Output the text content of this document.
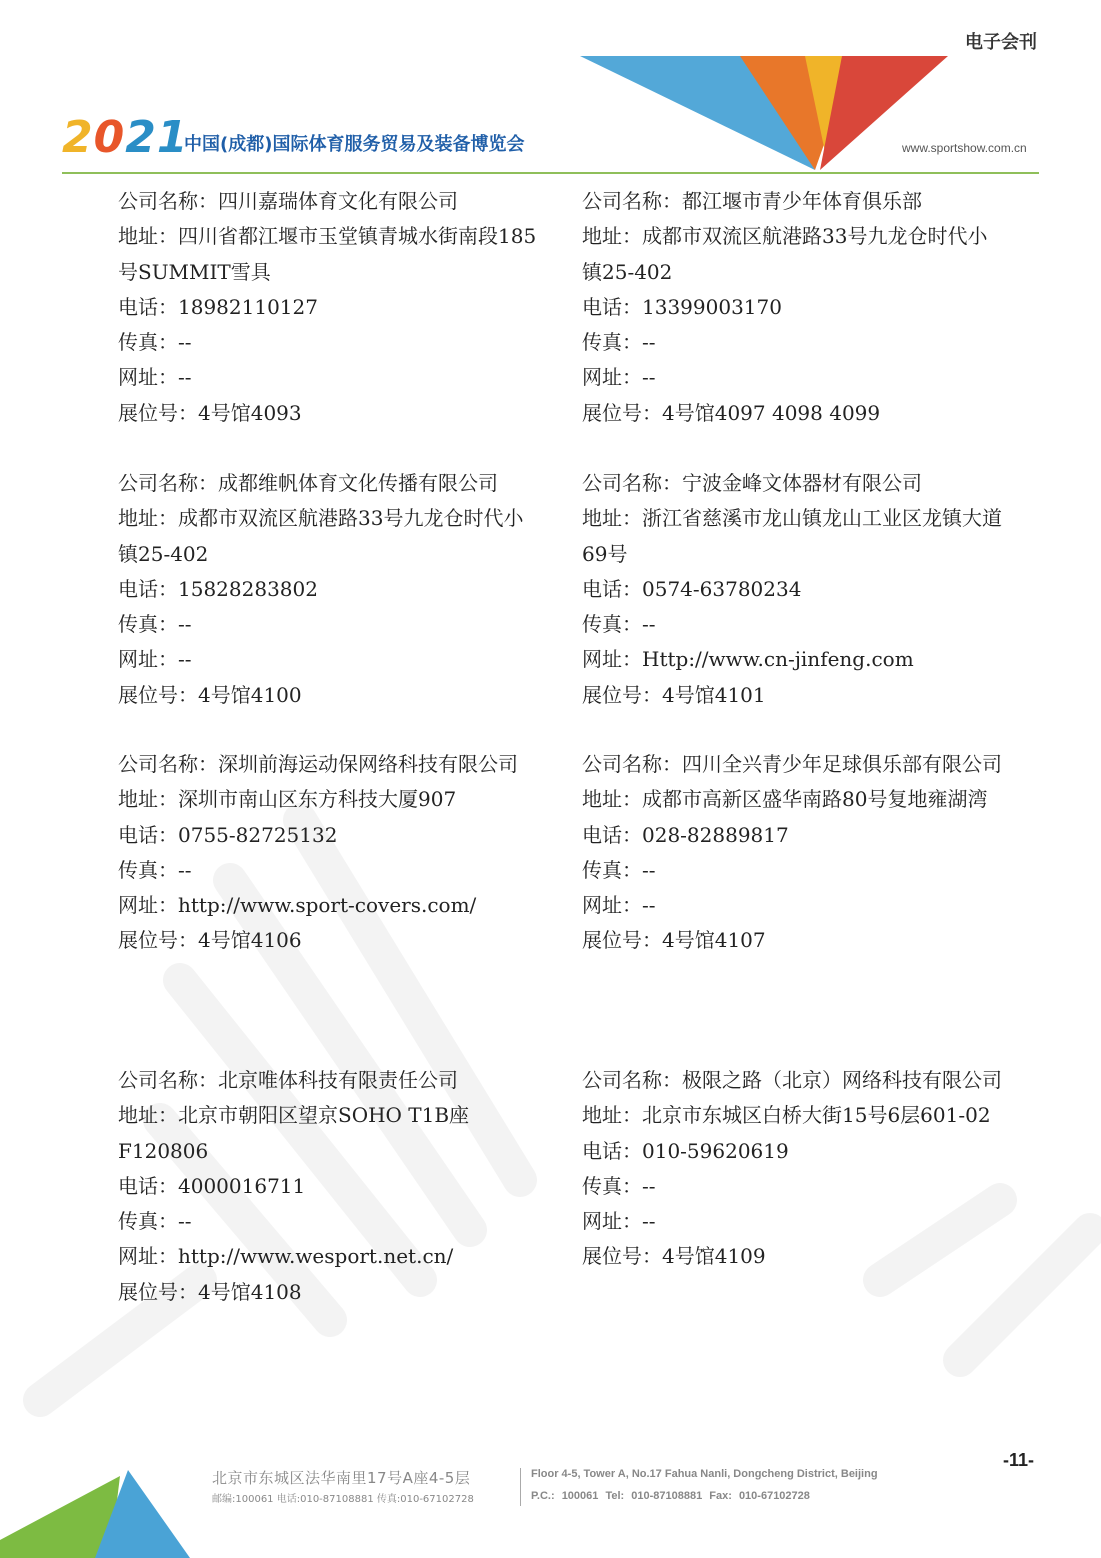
电子会刊
2021
中国(成都)国际体育服务贸易及装备博览会	www.sportshow.com.cn
公司名称：四川嘉瑞体育文化有限公司
地址：四川省都江堰市玉堂镇青城水街南段185号SUMMIT雪具
电话：18982110127
传真：--
网址：--
展位号：4号馆4093
公司名称：成都维帆体育文化传播有限公司
地址：成都市双流区航港路33号九龙仓时代小镇25-402
电话：15828283802
传真：--
网址：--
展位号：4号馆4100
公司名称：深圳前海运动保网络科技有限公司
地址：深圳市南山区东方科技大厦907
电话：0755-82725132
传真：--
网址：http://www.sport-covers.com/
展位号：4号馆4106
公司名称：北京唯体科技有限责任公司
地址：北京市朝阳区望京SOHO T1B座F120806
电话：4000016711
传真：--
网址：http://www.wesport.net.cn/
展位号：4号馆4108
公司名称：都江堰市青少年体育俱乐部
地址：成都市双流区航港路33号九龙仓时代小镇25-402
电话：13399003170
传真：--
网址：--
展位号：4号馆4097 4098 4099
公司名称：宁波金峰文体器材有限公司
地址：浙江省慈溪市龙山镇龙山工业区龙镇大道69号
电话：0574-63780234
传真：--
网址：Http://www.cn-jinfeng.com
展位号：4号馆4101
公司名称：四川全兴青少年足球俱乐部有限公司
地址：成都市高新区盛华南路80号复地雍湖湾
电话：028-82889817
传真：--
网址：--
展位号：4号馆4107
公司名称：极限之路（北京）网络科技有限公司
地址：北京市东城区白桥大街15号6层601-02
电话：010-59620619
传真：--
网址：--
展位号：4号馆4109
-11-
北京市东城区法华南里17号A座4-5层
邮编:100061 电话:010-87108881 传真:010-67102728
Floor 4-5, Tower A, No.17 Fahua Nanli, Dongcheng District, Beijing
P.C.: 100061 Tel: 010-87108881 Fax: 010-67102728
